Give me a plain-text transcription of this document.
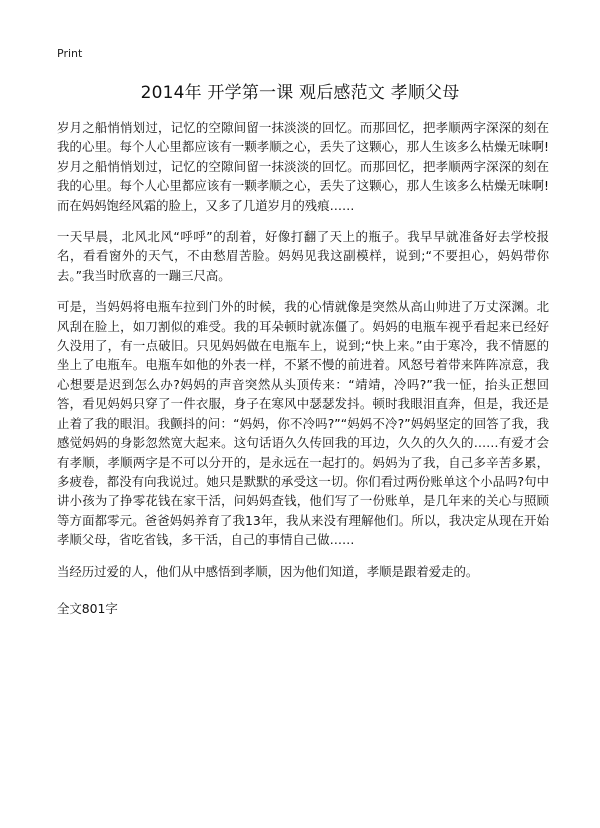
Print
2014年 开学第一课 观后感范文 孝顺父母

岁月之船悄悄划过，记忆的空隙间留一抹淡淡的回忆。而那回忆，把孝顺两字深深的刻在我的心里。每个人心里都应该有一颗孝顺之心，丢失了这颗心，那人生该多么枯燥无味啊!岁月之船悄悄划过，记忆的空隙间留一抹淡淡的回忆。而那回忆，把孝顺两字深深的刻在我的心里。每个人心里都应该有一颗孝顺之心，丢失了这颗心，那人生该多么枯燥无味啊!而在妈妈饱经风霜的脸上，又多了几道岁月的残痕……

一天早晨，北风北风“呼呼”的刮着，好像打翻了天上的瓶子。我早早就准备好去学校报名，看看窗外的天气，不由愁眉苦脸。妈妈见我这副模样，说到;“不要担心，妈妈带你去。”我当时欣喜的一蹦三尺高。

可是，当妈妈将电瓶车拉到门外的时候，我的心情就像是突然从高山帅进了万丈深渊。北风刮在脸上，如刀割似的难受。我的耳朵顿时就冻僵了。妈妈的电瓶车视乎看起来已经好久没用了，有一点破旧。只见妈妈做在电瓶车上，说到;“快上来。”由于寒冷，我不情愿的坐上了电瓶车。电瓶车如他的外表一样，不紧不慢的前进着。风怒号着带来阵阵凉意，我心想要是迟到怎么办?妈妈的声音突然从头顶传来：“靖靖，冷吗?”我一怔，抬头正想回答，看见妈妈只穿了一件衣服，身子在寒风中瑟瑟发抖。顿时我眼泪直奔，但是，我还是止着了我的眼泪。我颤抖的问：“妈妈，你不冷吗?”“妈妈不冷?”妈妈坚定的回答了我，我感觉妈妈的身影忽然宽大起来。这句话语久久传回我的耳边，久久的久久的……有爱才会有孝顺，孝顺两字是不可以分开的，是永远在一起打的。妈妈为了我，自己多辛苦多累，多疲卷，都没有向我说过。她只是默默的承受这一切。你们看过两份账单这个小品吗?句中讲小孩为了挣零花钱在家干活，问妈妈查钱，他们写了一份账单，是几年来的关心与照顾等方面都零元。爸爸妈妈养育了我13年，我从来没有理解他们。所以，我决定从现在开始孝顺父母，省吃省钱，多干活，自己的事情自己做……

当经历过爱的人，他们从中感悟到孝顺，因为他们知道，孝顺是跟着爱走的。

全文801字
